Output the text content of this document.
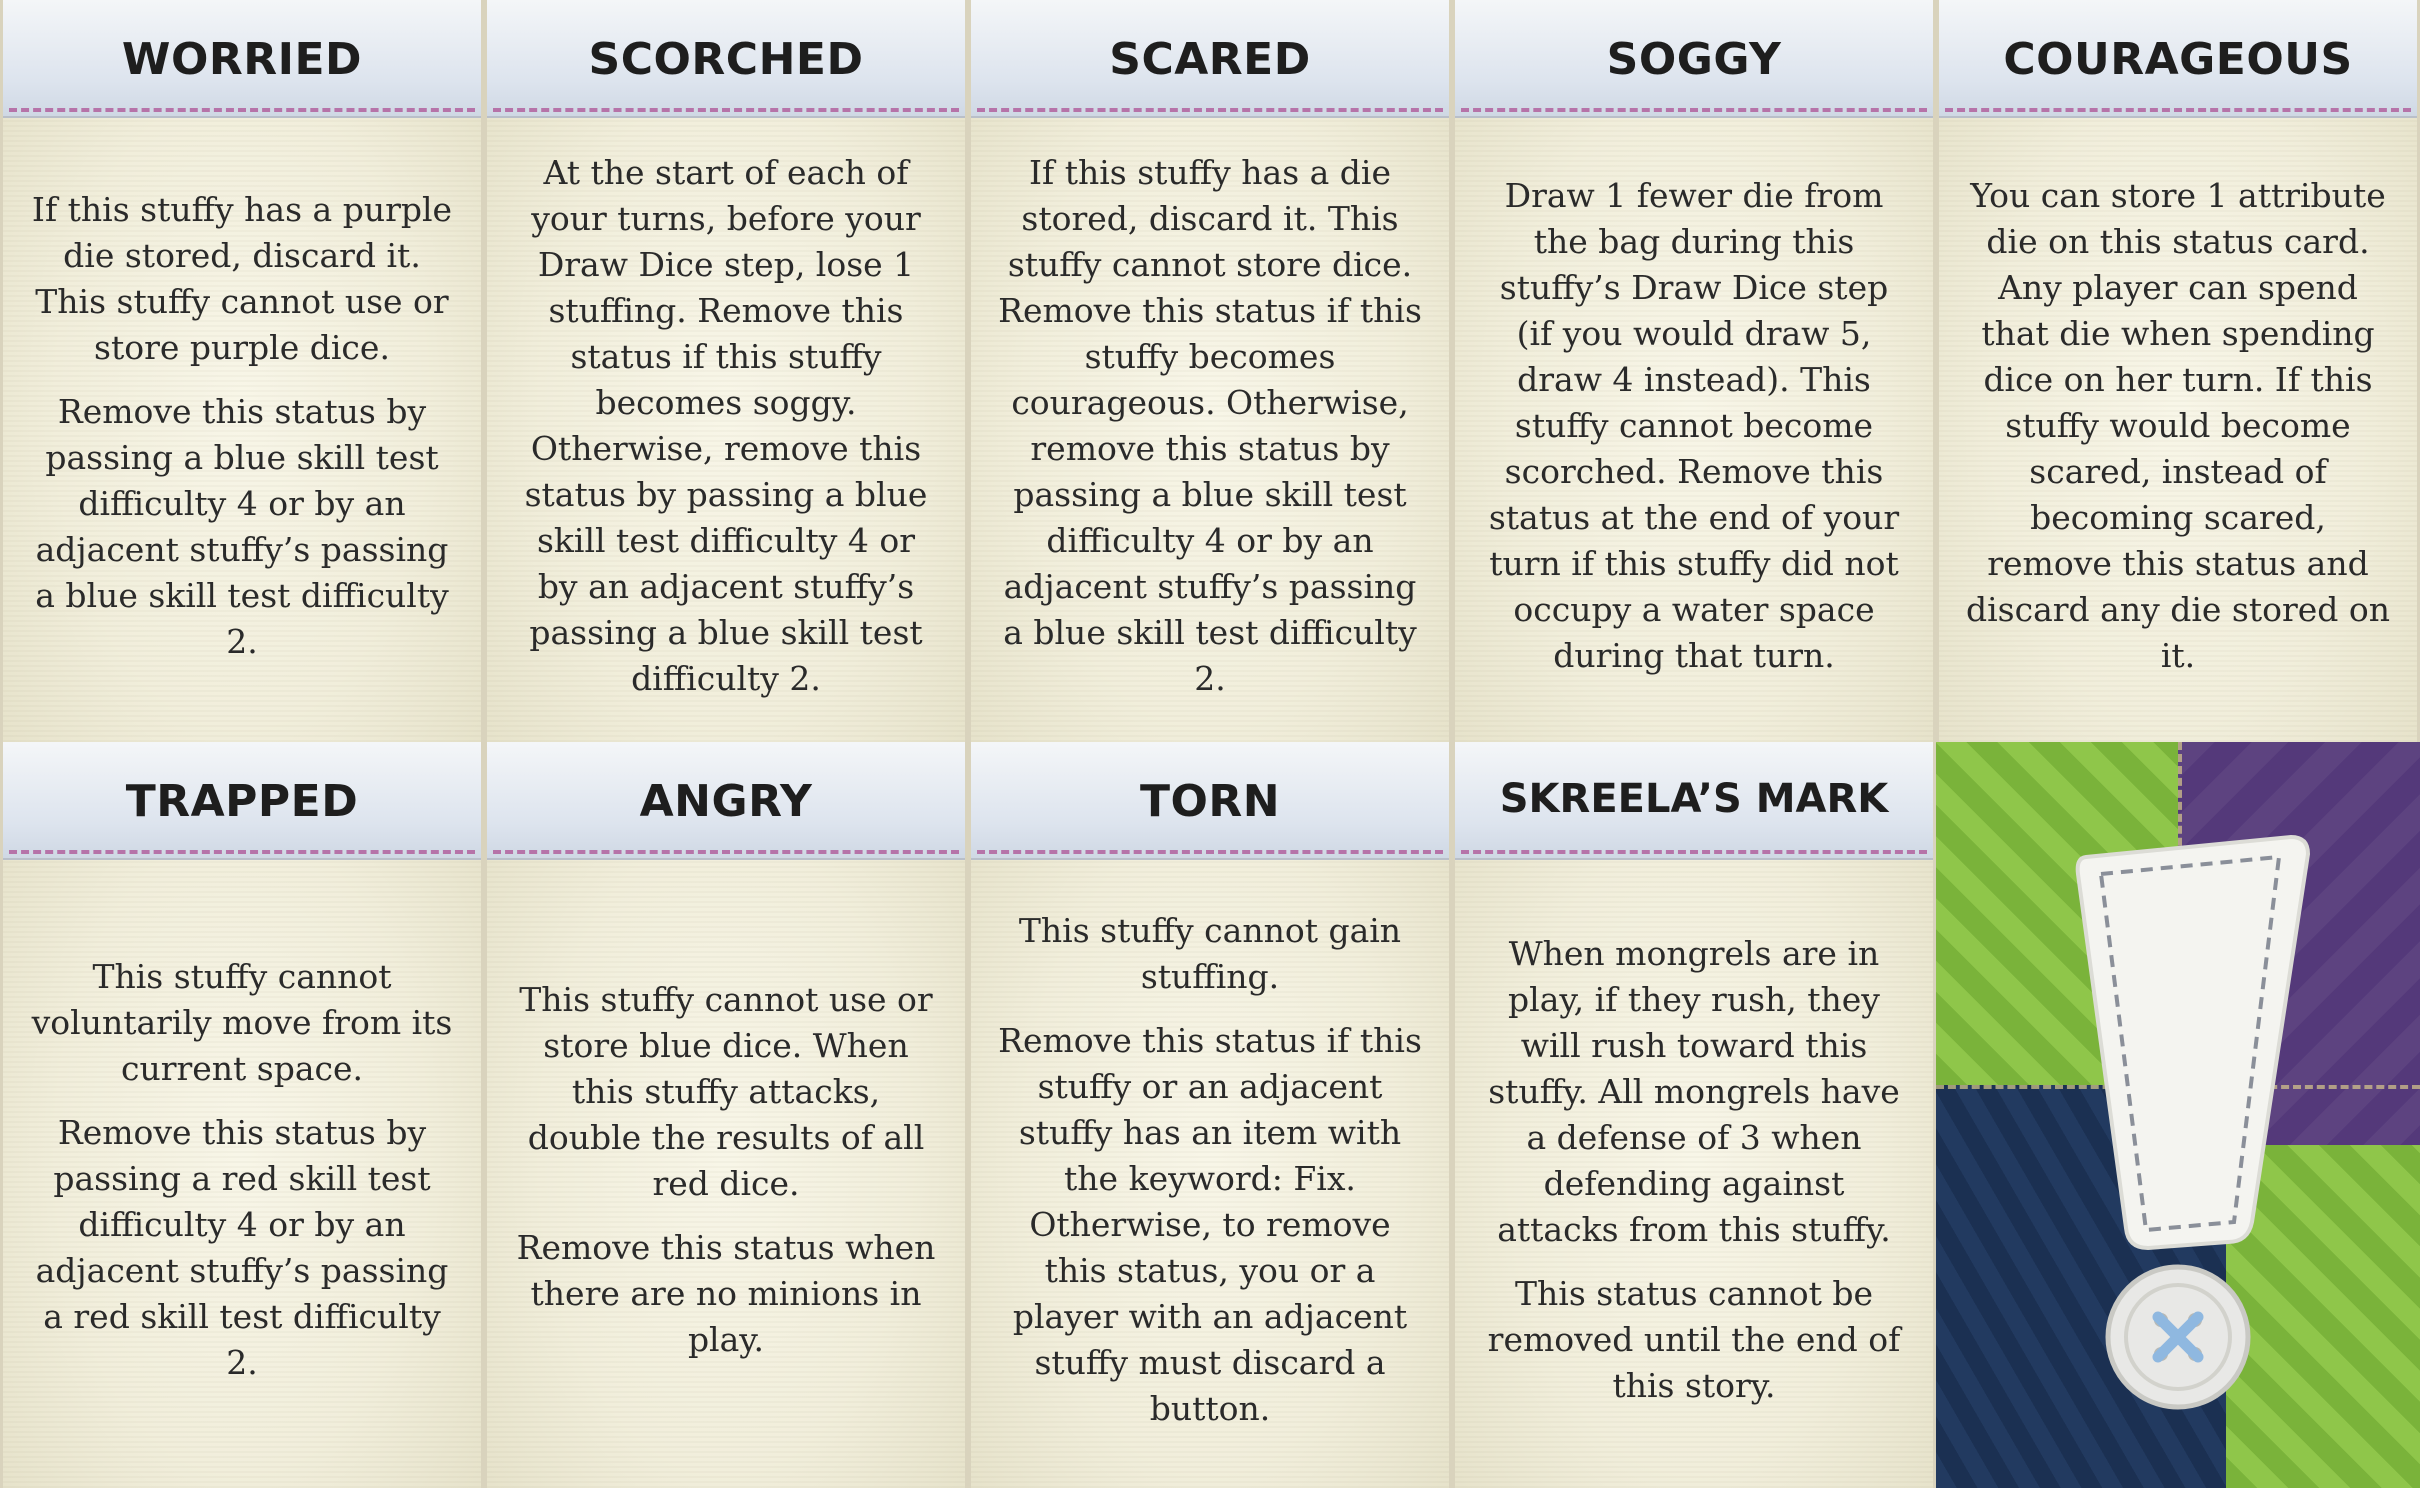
WORRIED

If this stuffy has a purple die stored, discard it. This stuffy cannot use or store purple dice.

Remove this status by passing a blue skill test difficulty 4 or by an adjacent stuffy’s passing a blue skill test difficulty 2.

SCORCHED

At the start of each of your turns, before your Draw Dice step, lose 1 stuffing. Remove this status if this stuffy becomes soggy. Otherwise, remove this status by passing a blue skill test difficulty 4 or by an adjacent stuffy’s passing a blue skill test difficulty 2.

SCARED

If this stuffy has a die stored, discard it. This stuffy cannot store dice. Remove this status if this stuffy becomes courageous. Otherwise, remove this status by passing a blue skill test difficulty 4 or by an adjacent stuffy’s passing a blue skill test difficulty 2.

SOGGY

Draw 1 fewer die from the bag during this stuffy’s Draw Dice step (if you would draw 5, draw 4 instead). This stuffy cannot become scorched. Remove this status at the end of your turn if this stuffy did not occupy a water space during that turn.

COURAGEOUS

You can store 1 attribute die on this status card. Any player can spend that die when spending dice on her turn. If this stuffy would become scared, instead of becoming scared, remove this status and discard any die stored on it.

TRAPPED

This stuffy cannot voluntarily move from its current space.

Remove this status by passing a red skill test difficulty 4 or by an adjacent stuffy’s passing a red skill test difficulty 2.

ANGRY

This stuffy cannot use or store blue dice. When this stuffy attacks, double the results of all red dice.

Remove this status when there are no minions in play.

TORN

This stuffy cannot gain stuffing.

Remove this status if this stuffy or an adjacent stuffy has an item with the keyword: Fix. Otherwise, to remove this status, you or a player with an adjacent stuffy must discard a button.

SKREELA’S MARK

When mongrels are in play, if they rush, they will rush toward this stuffy. All mongrels have a defense of 3 when defending against attacks from this stuffy.

This status cannot be removed until the end of this story.
